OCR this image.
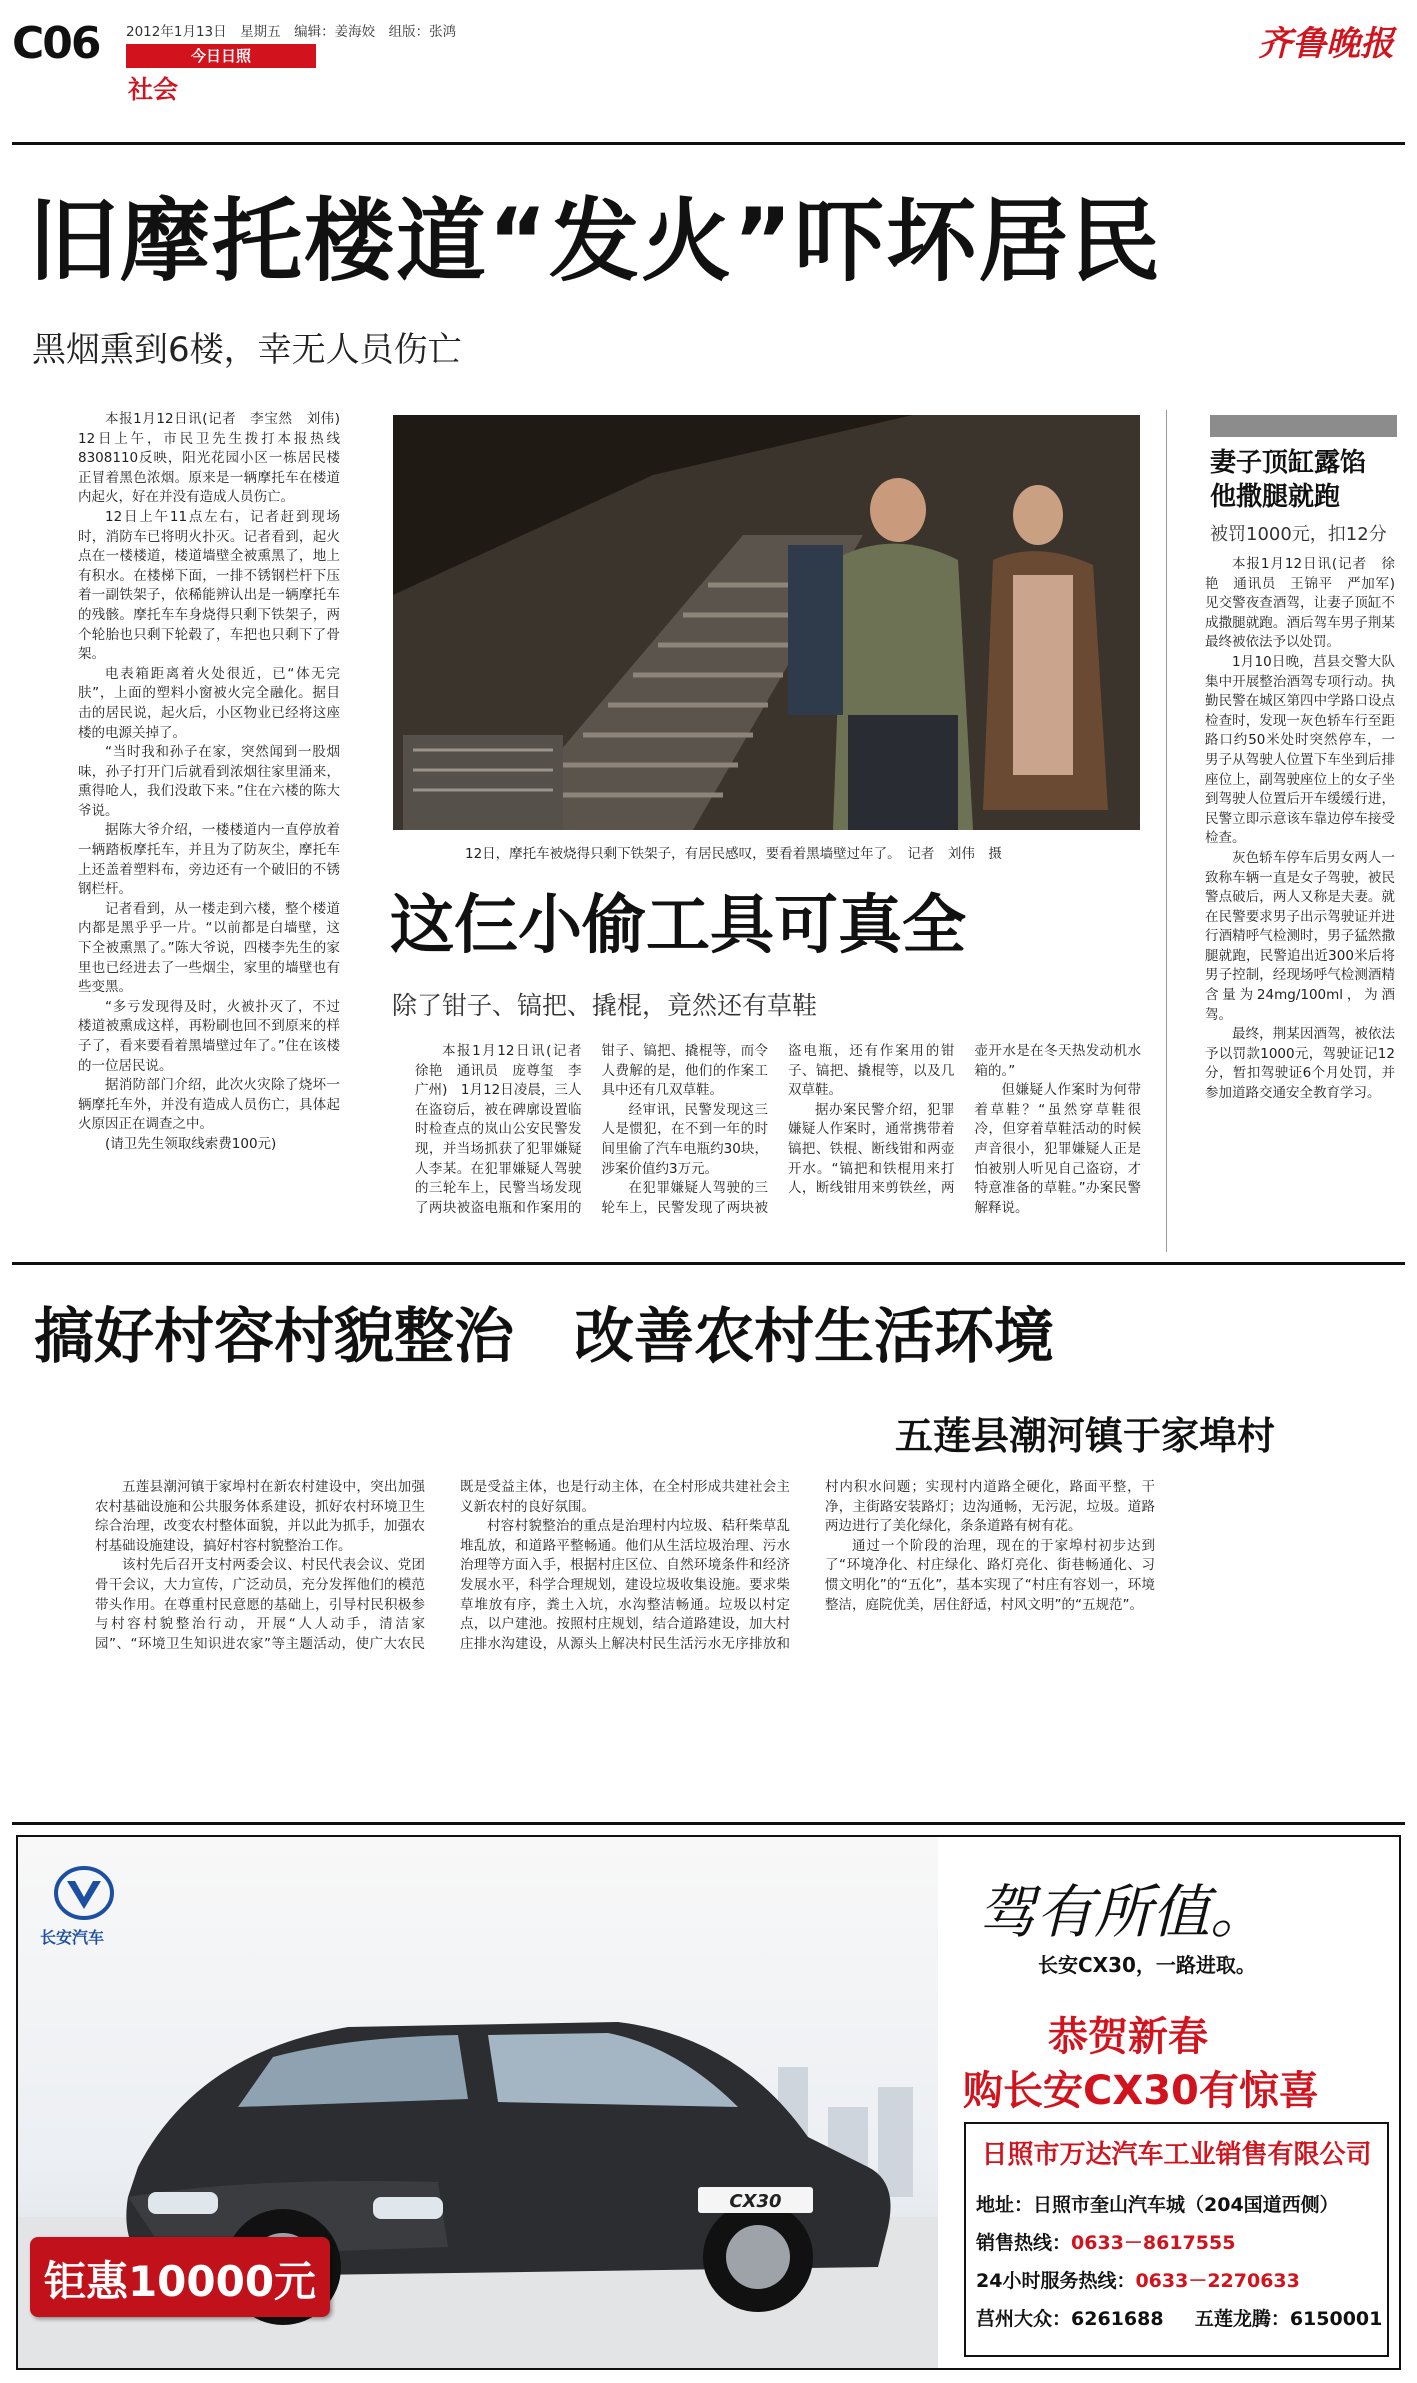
C06 2012年1月13日　星期五　编辑：姜海姣　组版：张鸿
今日日照
社会
齐鲁晚报
旧摩托楼道“发火”吓坏居民
黑烟熏到6楼，幸无人员伤亡

本报1月12日讯(记者　李宝然　刘伟)　12日上午，市民卫先生拨打本报热线8308110反映，阳光花园小区一栋居民楼正冒着黑色浓烟。原来是一辆摩托车在楼道内起火，好在并没有造成人员伤亡。

12日上午11点左右，记者赶到现场时，消防车已将明火扑灭。记者看到，起火点在一楼楼道，楼道墙壁全被熏黑了，地上有积水。在楼梯下面，一排不锈钢栏杆下压着一副铁架子，依稀能辨认出是一辆摩托车的残骸。摩托车车身烧得只剩下铁架子，两个轮胎也只剩下轮毂了，车把也只剩下了骨架。

电表箱距离着火处很近，已“体无完肤”，上面的塑料小窗被火完全融化。据目击的居民说，起火后，小区物业已经将这座楼的电源关掉了。

“当时我和孙子在家，突然闻到一股烟味，孙子打开门后就看到浓烟往家里涌来，熏得呛人，我们没敢下来。”住在六楼的陈大爷说。

据陈大爷介绍，一楼楼道内一直停放着一辆踏板摩托车，并且为了防灰尘，摩托车上还盖着塑料布，旁边还有一个破旧的不锈钢栏杆。

记者看到，从一楼走到六楼，整个楼道内都是黑乎乎一片。“以前都是白墙壁，这下全被熏黑了。”陈大爷说，四楼李先生的家里也已经进去了一些烟尘，家里的墙壁也有些变黑。

“多亏发现得及时，火被扑灭了，不过楼道被熏成这样，再粉刷也回不到原来的样子了，看来要看着黑墙壁过年了。”住在该楼的一位居民说。

据消防部门介绍，此次火灾除了烧坏一辆摩托车外，并没有造成人员伤亡，具体起火原因正在调查之中。

(请卫先生领取线索费100元)

12日，摩托车被烧得只剩下铁架子，有居民感叹，要看着黑墙壁过年了。　记者　刘伟　摄
这仨小偷工具可真全
除了钳子、镐把、撬棍，竟然还有草鞋

本报1月12日讯(记者　徐艳　通讯员　庞尊玺　李广州)　1月12日凌晨，三人在盗窃后，被在碑廓设置临时检查点的岚山公安民警发现，并当场抓获了犯罪嫌疑人李某。在犯罪嫌疑人驾驶的三轮车上，民警当场发现了两块被盗电瓶和作案用的钳子、镐把、撬棍等，而令人费解的是，他们的作案工具中还有几双草鞋。

经审讯，民警发现这三人是惯犯，在不到一年的时间里偷了汽车电瓶约30块，涉案价值约3万元。

在犯罪嫌疑人驾驶的三轮车上，民警发现了两块被盗电瓶，还有作案用的钳子、镐把、撬棍等，以及几双草鞋。

据办案民警介绍，犯罪嫌疑人作案时，通常携带着镐把、铁棍、断线钳和两壶开水。“镐把和铁棍用来打人，断线钳用来剪铁丝，两壶开水是在冬天热发动机水箱的。”

但嫌疑人作案时为何带着草鞋？“虽然穿草鞋很冷，但穿着草鞋活动的时候声音很小，犯罪嫌疑人正是怕被别人听见自己盗窃，才特意准备的草鞋。”办案民警解释说。

妻子顶缸露馅　他撒腿就跑
被罚1000元，扣12分

本报1月12日讯(记者　徐艳　通讯员　王锦平　严加军)　见交警夜查酒驾，让妻子顶缸不成撒腿就跑。酒后驾车男子荆某最终被依法予以处罚。

1月10日晚，莒县交警大队集中开展整治酒驾专项行动。执勤民警在城区第四中学路口设点检查时，发现一灰色轿车行至距路口约50米处时突然停车，一男子从驾驶人位置下车坐到后排座位上，副驾驶座位上的女子坐到驾驶人位置后开车缓缓行进，民警立即示意该车靠边停车接受检查。

灰色轿车停车后男女两人一致称车辆一直是女子驾驶，被民警点破后，两人又称是夫妻。就在民警要求男子出示驾驶证并进行酒精呼气检测时，男子猛然撒腿就跑，民警追出近300米后将男子控制，经现场呼气检测酒精含量为24mg/100ml，为酒驾。

最终，荆某因酒驾，被依法予以罚款1000元，驾驶证记12分，暂扣驾驶证6个月处罚，并参加道路交通安全教育学习。

搞好村容村貌整治　改善农村生活环境
五莲县潮河镇于家埠村

五莲县潮河镇于家埠村在新农村建设中，突出加强农村基础设施和公共服务体系建设，抓好农村环境卫生综合治理，改变农村整体面貌，并以此为抓手，加强农村基础设施建设，搞好村容村貌整治工作。

该村先后召开支村两委会议、村民代表会议、党团骨干会议，大力宣传，广泛动员，充分发挥他们的模范带头作用。在尊重村民意愿的基础上，引导村民积极参与村容村貌整治行动，开展“人人动手，清洁家园”、“环境卫生知识进农家”等主题活动，使广大农民既是受益主体，也是行动主体，在全村形成共建社会主义新农村的良好氛围。

村容村貌整治的重点是治理村内垃圾、秸秆柴草乱堆乱放，和道路平整畅通。他们从生活垃圾治理、污水治理等方面入手，根据村庄区位、自然环境条件和经济发展水平，科学合理规划，建设垃圾收集设施。要求柴草堆放有序，粪土入坑，水沟整洁畅通。垃圾以村定点，以户建池。按照村庄规划，结合道路建设，加大村庄排水沟建设，从源头上解决村民生活污水无序排放和村内积水问题；实现村内道路全硬化，路面平整，干净，主街路安装路灯；边沟通畅，无污泥，垃圾。道路两边进行了美化绿化，条条道路有树有花。

通过一个阶段的治理，现在的于家埠村初步达到了“环境净化、村庄绿化、路灯亮化、街巷畅通化、习惯文明化”的“五化”，基本实现了“村庄有容划一，环境整洁，庭院优美，居住舒适，村风文明”的“五规范”。

长安汽车
CX30
钜惠10000元
驾有所值。
长安CX30，一路进取。
恭贺新春
购长安CX30有惊喜
日照市万达汽车工业销售有限公司
地址：日照市奎山汽车城（204国道西侧）
销售热线：0633－8617555
24小时服务热线：0633－2270633
莒州大众：6261688 五莲龙腾：6150001
